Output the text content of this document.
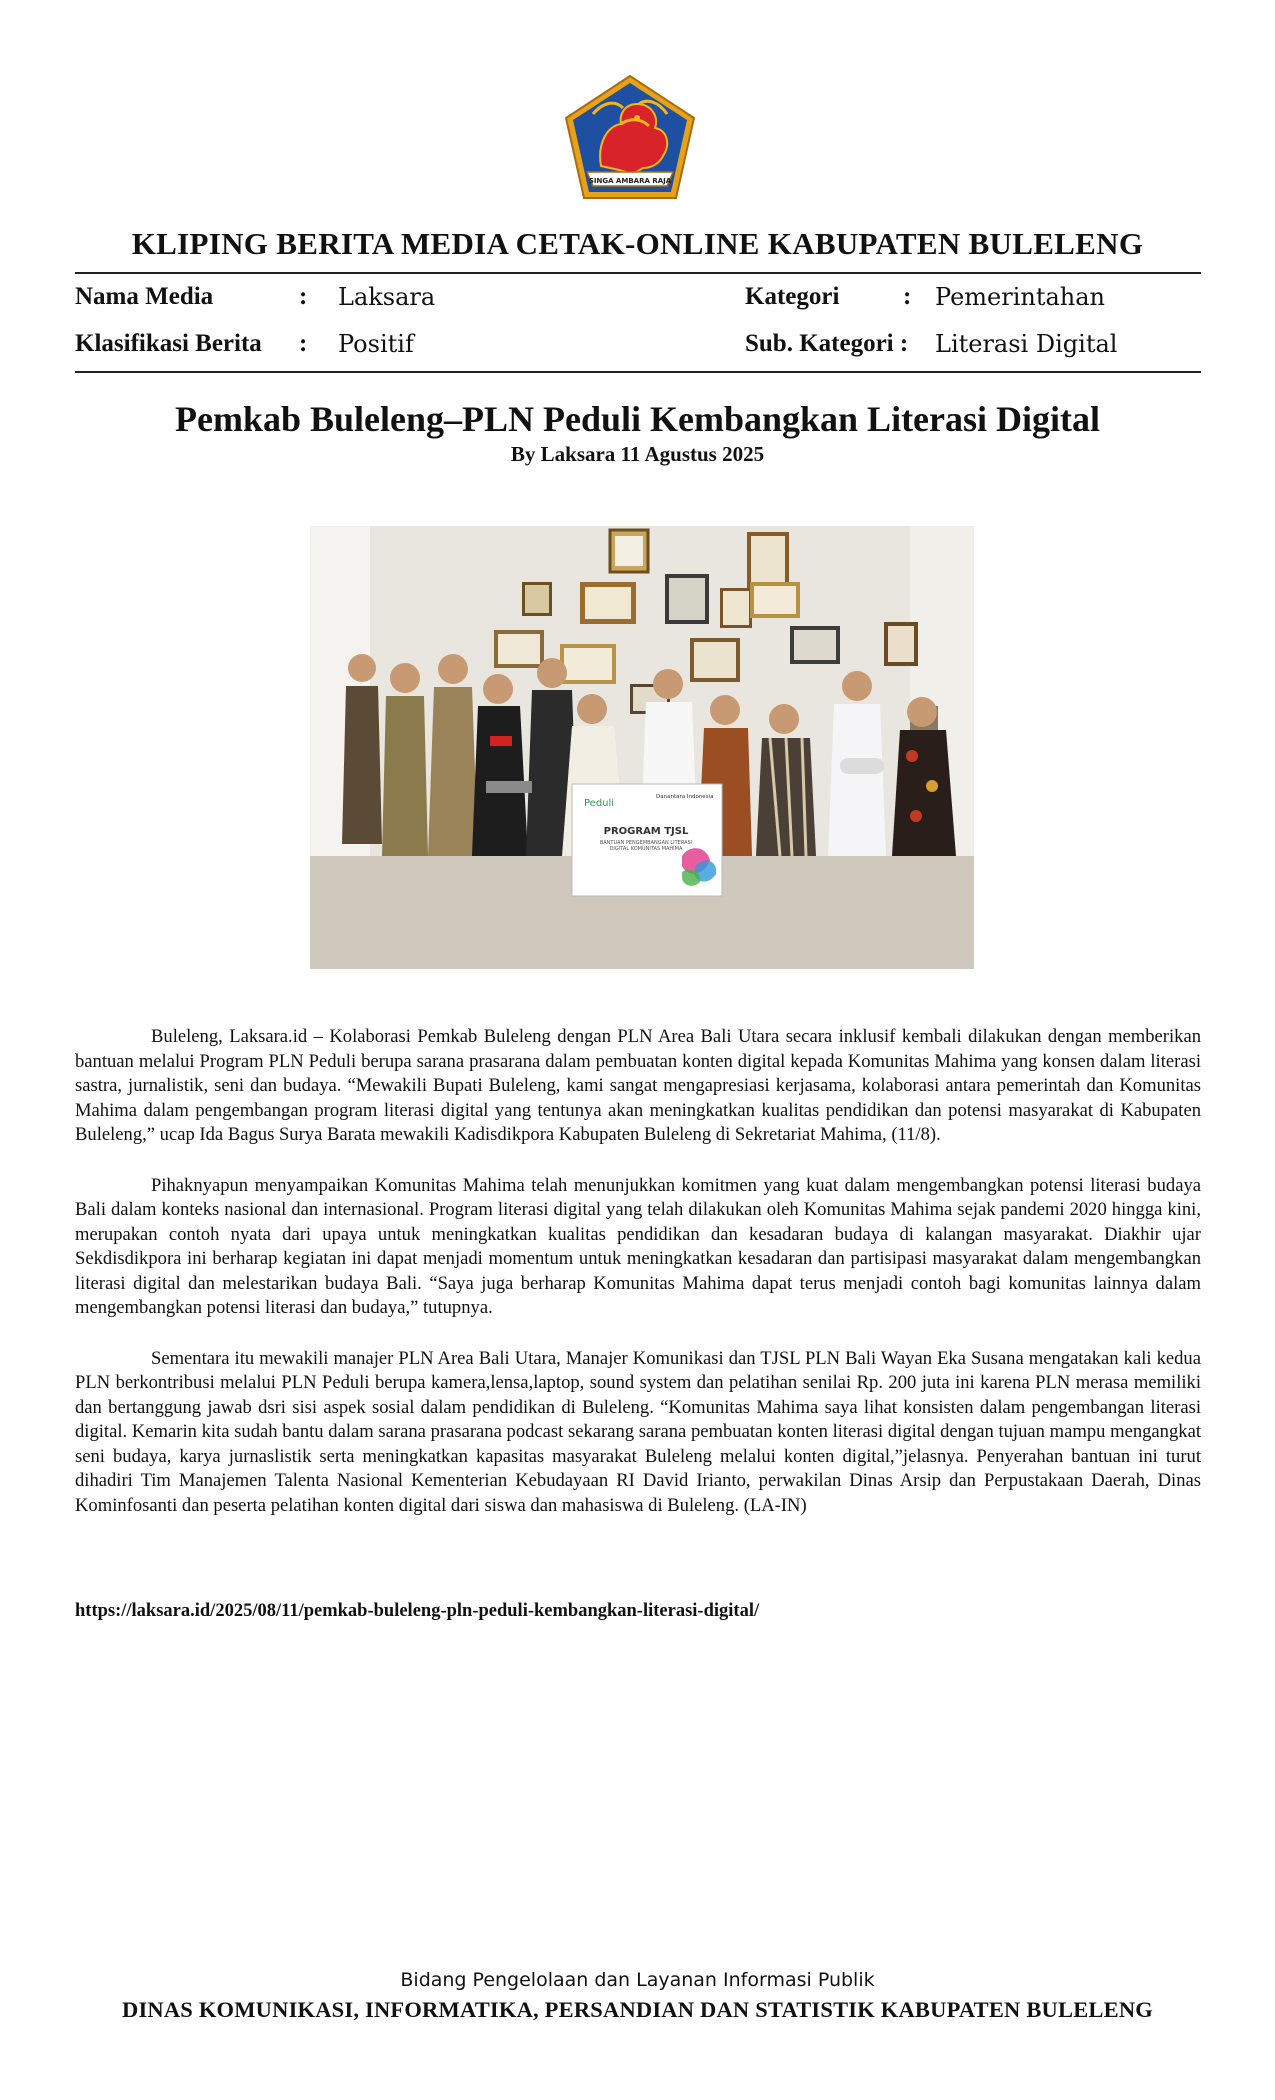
SINGA AMBARA RAJA
KLIPING BERITA MEDIA CETAK-ONLINE KABUPATEN BULELENG
Nama Media	: Laksara	Kategori	: Pemerintahan
Klasifikasi Berita : Positif	Sub. Kategori : Literasi Digital
Pemkab Buleleng–PLN Peduli Kembangkan Literasi Digital
By Laksara 11 Agustus 2025
Peduli
Danantara Indonesia
PROGRAM TJSL
BANTUAN PENGEMBANGAN LITERASI DIGITAL KOMUNITAS MAHIMA

Buleleng, Laksara.id – Kolaborasi Pemkab Buleleng dengan PLN Area Bali Utara secara inklusif kembali dilakukan dengan memberikan bantuan melalui Program PLN Peduli berupa sarana prasarana dalam pembuatan konten digital kepada Komunitas Mahima yang konsen dalam literasi sastra, jurnalistik, seni dan budaya. “Mewakili Bupati Buleleng, kami sangat mengapresiasi kerjasama, kolaborasi antara pemerintah dan Komunitas Mahima dalam pengembangan program literasi digital yang tentunya akan meningkatkan kualitas pendidikan dan potensi masyarakat di Kabupaten Buleleng,” ucap Ida Bagus Surya Barata mewakili Kadisdikpora Kabupaten Buleleng di Sekretariat Mahima, (11/8).

Pihaknyapun menyampaikan Komunitas Mahima telah menunjukkan komitmen yang kuat dalam mengembangkan potensi literasi budaya Bali dalam konteks nasional dan internasional. Program literasi digital yang telah dilakukan oleh Komunitas Mahima sejak pandemi 2020 hingga kini, merupakan contoh nyata dari upaya untuk meningkatkan kualitas pendidikan dan kesadaran budaya di kalangan masyarakat. Diakhir ujar Sekdisdikpora ini berharap kegiatan ini dapat menjadi momentum untuk meningkatkan kesadaran dan partisipasi masyarakat dalam mengembangkan literasi digital dan melestarikan budaya Bali. “Saya juga berharap Komunitas Mahima dapat terus menjadi contoh bagi komunitas lainnya dalam mengembangkan potensi literasi dan budaya,” tutupnya.

Sementara itu mewakili manajer PLN Area Bali Utara, Manajer Komunikasi dan TJSL PLN Bali Wayan Eka Susana mengatakan kali kedua PLN berkontribusi melalui PLN Peduli berupa kamera,lensa,laptop, sound system dan pelatihan senilai Rp. 200 juta ini karena PLN merasa memiliki dan bertanggung jawab dsri sisi aspek sosial dalam pendidikan di Buleleng. “Komunitas Mahima saya lihat konsisten dalam pengembangan literasi digital. Kemarin kita sudah bantu dalam sarana prasarana podcast sekarang sarana pembuatan konten literasi digital dengan tujuan mampu mengangkat seni budaya, karya jurnaslistik serta meningkatkan kapasitas masyarakat Buleleng melalui konten digital,”jelasnya. Penyerahan bantuan ini turut dihadiri Tim Manajemen Talenta Nasional Kementerian Kebudayaan RI David Irianto, perwakilan Dinas Arsip dan Perpustakaan Daerah, Dinas Kominfosanti dan peserta pelatihan konten digital dari siswa dan mahasiswa di Buleleng. (LA-IN)

https://laksara.id/2025/08/11/pemkab-buleleng-pln-peduli-kembangkan-literasi-digital/
Bidang Pengelolaan dan Layanan Informasi Publik
DINAS KOMUNIKASI, INFORMATIKA, PERSANDIAN DAN STATISTIK KABUPATEN BULELENG
